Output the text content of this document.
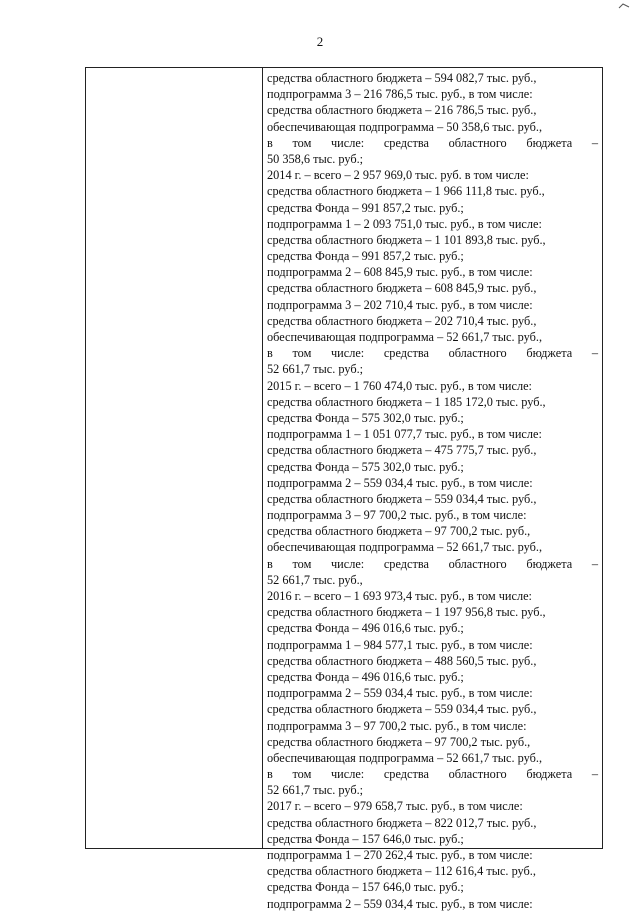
2
средства областного бюджета – 594 082,7 тыс. руб.,
подпрограмма 3 – 216 786,5 тыс. руб., в том числе:
средства областного бюджета – 216 786,5 тыс. руб.,
обеспечивающая подпрограмма – 50 358,6 тыс. руб.,
в том числе: средства областного бюджета –
50 358,6 тыс. руб.;
2014 г. – всего – 2 957 969,0 тыс. руб. в том числе:
средства областного бюджета – 1 966 111,8 тыс. руб.,
средства Фонда – 991 857,2 тыс. руб.;
подпрограмма 1 – 2 093 751,0 тыс. руб., в том числе:
средства областного бюджета – 1 101 893,8 тыс. руб.,
средства Фонда – 991 857,2 тыс. руб.;
подпрограмма 2 – 608 845,9 тыс. руб., в том числе:
средства областного бюджета – 608 845,9 тыс. руб.,
подпрограмма 3 – 202 710,4 тыс. руб., в том числе:
средства областного бюджета – 202 710,4 тыс. руб.,
обеспечивающая подпрограмма – 52 661,7 тыс. руб.,
в том числе: средства областного бюджета –
52 661,7 тыс. руб.;
2015 г. – всего – 1 760 474,0 тыс. руб., в том числе:
средства областного бюджета – 1 185 172,0 тыс. руб.,
средства Фонда – 575 302,0 тыс. руб.;
подпрограмма 1 – 1 051 077,7 тыс. руб., в том числе:
средства областного бюджета – 475 775,7 тыс. руб.,
средства Фонда – 575 302,0 тыс. руб.;
подпрограмма 2 – 559 034,4 тыс. руб., в том числе:
средства областного бюджета – 559 034,4 тыс. руб.,
подпрограмма 3 – 97 700,2 тыс. руб., в том числе:
средства областного бюджета – 97 700,2 тыс. руб.,
обеспечивающая подпрограмма – 52 661,7 тыс. руб.,
в том числе: средства областного бюджета –
52 661,7 тыс. руб.,
2016 г. – всего – 1 693 973,4 тыс. руб., в том числе:
средства областного бюджета – 1 197 956,8 тыс. руб.,
средства Фонда – 496 016,6 тыс. руб.;
подпрограмма 1 – 984 577,1 тыс. руб., в том числе:
средства областного бюджета – 488 560,5 тыс. руб.,
средства Фонда – 496 016,6 тыс. руб.;
подпрограмма 2 – 559 034,4 тыс. руб., в том числе:
средства областного бюджета – 559 034,4 тыс. руб.,
подпрограмма 3 – 97 700,2 тыс. руб., в том числе:
средства областного бюджета – 97 700,2 тыс. руб.,
обеспечивающая подпрограмма – 52 661,7 тыс. руб.,
в том числе: средства областного бюджета –
52 661,7 тыс. руб.;
2017 г. – всего – 979 658,7 тыс. руб., в том числе:
средства областного бюджета – 822 012,7 тыс. руб.,
средства Фонда – 157 646,0 тыс. руб.;
подпрограмма 1 – 270 262,4 тыс. руб., в том числе:
средства областного бюджета – 112 616,4 тыс. руб.,
средства Фонда – 157 646,0 тыс. руб.;
подпрограмма 2 – 559 034,4 тыс. руб., в том числе:
